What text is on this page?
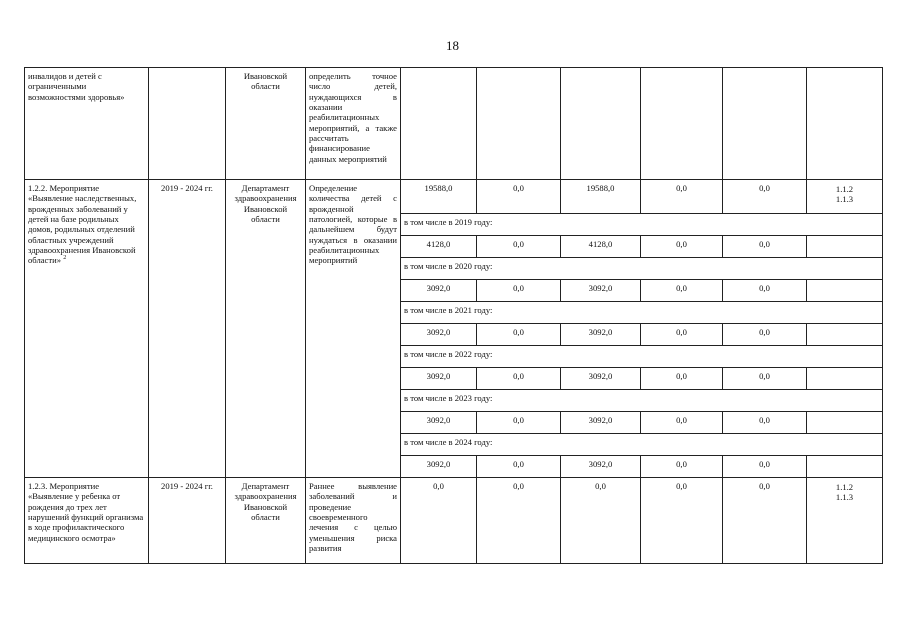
18
инвалидов и детей с ограниченными возможностями здоровья»		Ивановской области	определить точное число детей, нуждающихся в оказании реабилитационных мероприятий, а также рассчитать финансирование данных мероприятий						
1.2.2. Мероприятие «Выявление наследственных, врожденных заболеваний у детей на базе родильных домов, родильных отделений областных учреждений здравоохранения Ивановской области» $^2$	2019 - 2024 гг.	Департамент здравоохранения Ивановской области	Определение количества детей с врожденной патологией, которые в дальнейшем будут нуждаться в оказании реабилитационных мероприятий	19588,0	0,0	19588,0	0,0	0,0	1.1.2
1.1.3
				в том числе в 2019 году:					
				4128,0	0,0	4128,0	0,0	0,0	
				в том числе в 2020 году:					
				3092,0	0,0	3092,0	0,0	0,0	
				в том числе в 2021 году:					
				3092,0	0,0	3092,0	0,0	0,0	
				в том числе в 2022 году:					
				3092,0	0,0	3092,0	0,0	0,0	
				в том числе в 2023 году:					
				3092,0	0,0	3092,0	0,0	0,0	
				в том числе в 2024 году:					
				3092,0	0,0	3092,0	0,0	0,0	
1.2.3. Мероприятие «Выявление у ребенка от рождения до трех лет нарушений функций организма в ходе профилактического медицинского осмотра»	2019 - 2024 гг.	Департамент здравоохранения Ивановской области	Раннее выявление заболеваний и проведение своевременного лечения с целью уменьшения риска развития	0,0	0,0	0,0	0,0	0,0	1.1.2
1.1.3
